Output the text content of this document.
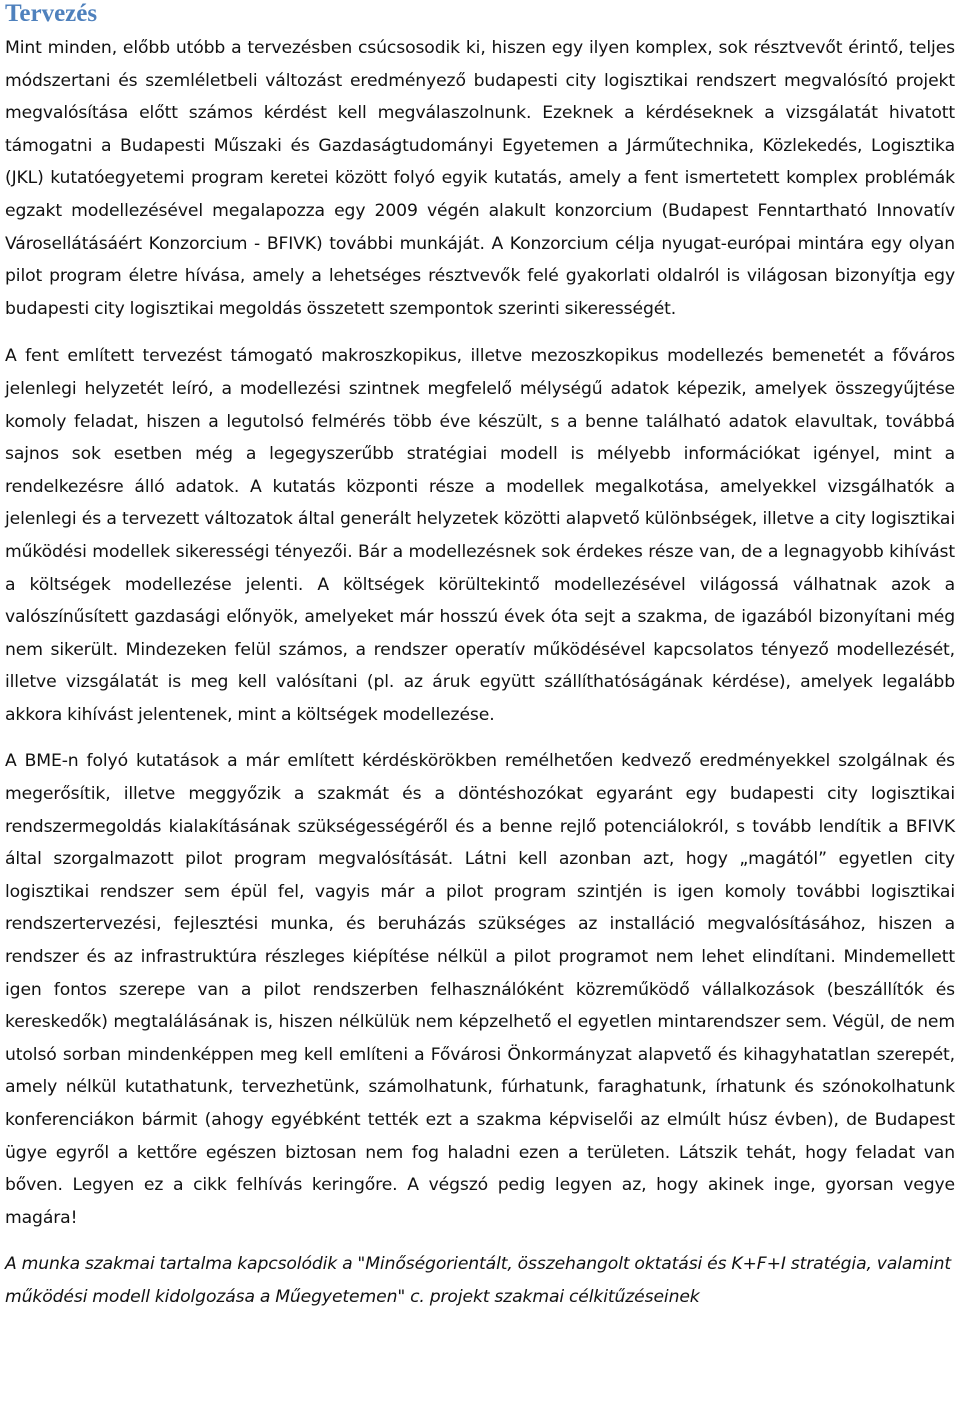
Tervezés

Mint minden, előbb utóbb a tervezésben csúcsosodik ki, hiszen egy ilyen komplex, sok résztvevőt érintő, teljes módszertani és szemléletbeli változást eredményező budapesti city logisztikai rendszert megvalósító projekt megvalósítása előtt számos kérdést kell megválaszolnunk. Ezeknek a kérdéseknek a vizsgálatát hivatott támogatni a Budapesti Műszaki és Gazdaságtudományi Egyetemen a Járműtechnika, Közlekedés, Logisztika (JKL) kutatóegyetemi program keretei között folyó egyik kutatás, amely a fent ismertetett komplex problémák egzakt modellezésével megalapozza egy 2009 végén alakult konzorcium (Budapest Fenntartható Innovatív Városellátásáért Konzorcium - BFIVK) további munkáját. A Konzorcium célja nyugat-európai mintára egy olyan pilot program életre hívása, amely a lehetséges résztvevők felé gyakorlati oldalról is világosan bizonyítja egy budapesti city logisztikai megoldás összetett szempontok szerinti sikerességét.

A fent említett tervezést támogató makroszkopikus, illetve mezoszkopikus modellezés bemenetét a főváros jelenlegi helyzetét leíró, a modellezési szintnek megfelelő mélységű adatok képezik, amelyek összegyűjtése komoly feladat, hiszen a legutolsó felmérés több éve készült, s a benne található adatok elavultak, továbbá sajnos sok esetben még a legegyszerűbb stratégiai modell is mélyebb információkat igényel, mint a rendelkezésre álló adatok. A kutatás központi része a modellek megalkotása, amelyekkel vizsgálhatók a jelenlegi és a tervezett változatok által generált helyzetek közötti alapvető különbségek, illetve a city logisztikai működési modellek sikerességi tényezői. Bár a modellezésnek sok érdekes része van, de a legnagyobb kihívást a költségek modellezése jelenti. A költségek körültekintő modellezésével világossá válhatnak azok a valószínűsített gazdasági előnyök, amelyeket már hosszú évek óta sejt a szakma, de igazából bizonyítani még nem sikerült. Mindezeken felül számos, a rendszer operatív működésével kapcsolatos tényező modellezését, illetve vizsgálatát is meg kell valósítani (pl. az áruk együtt szállíthatóságának kérdése), amelyek legalább akkora kihívást jelentenek, mint a költségek modellezése.

A BME-n folyó kutatások a már említett kérdéskörökben remélhetően kedvező eredményekkel szolgálnak és megerősítik, illetve meggyőzik a szakmát és a döntéshozókat egyaránt egy budapesti city logisztikai rendszermegoldás kialakításának szükségességéről és a benne rejlő potenciálokról, s tovább lendítik a BFIVK által szorgalmazott pilot program megvalósítását. Látni kell azonban azt, hogy „magától” egyetlen city logisztikai rendszer sem épül fel, vagyis már a pilot program szintjén is igen komoly további logisztikai rendszertervezési, fejlesztési munka, és beruházás szükséges az installáció megvalósításához, hiszen a rendszer és az infrastruktúra részleges kiépítése nélkül a pilot programot nem lehet elindítani. Mindemellett igen fontos szerepe van a pilot rendszerben felhasználóként közreműködő vállalkozások (beszállítók és kereskedők) megtalálásának is, hiszen nélkülük nem képzelhető el egyetlen mintarendszer sem. Végül, de nem utolsó sorban mindenképpen meg kell említeni a Fővárosi Önkormányzat alapvető és kihagyhatatlan szerepét, amely nélkül kutathatunk, tervezhetünk, számolhatunk, fúrhatunk, faraghatunk, írhatunk és szónokolhatunk konferenciákon bármit (ahogy egyébként tették ezt a szakma képviselői az elmúlt húsz évben), de Budapest ügye egyről a kettőre egészen biztosan nem fog haladni ezen a területen. Látszik tehát, hogy feladat van bőven. Legyen ez a cikk felhívás keringőre. A végszó pedig legyen az, hogy akinek inge, gyorsan vegye magára!

A munka szakmai tartalma kapcsolódik a "Minőségorientált, összehangolt oktatási és K+F+I stratégia, valamint működési modell kidolgozása a Műegyetemen" c. projekt szakmai célkitűzéseinek
